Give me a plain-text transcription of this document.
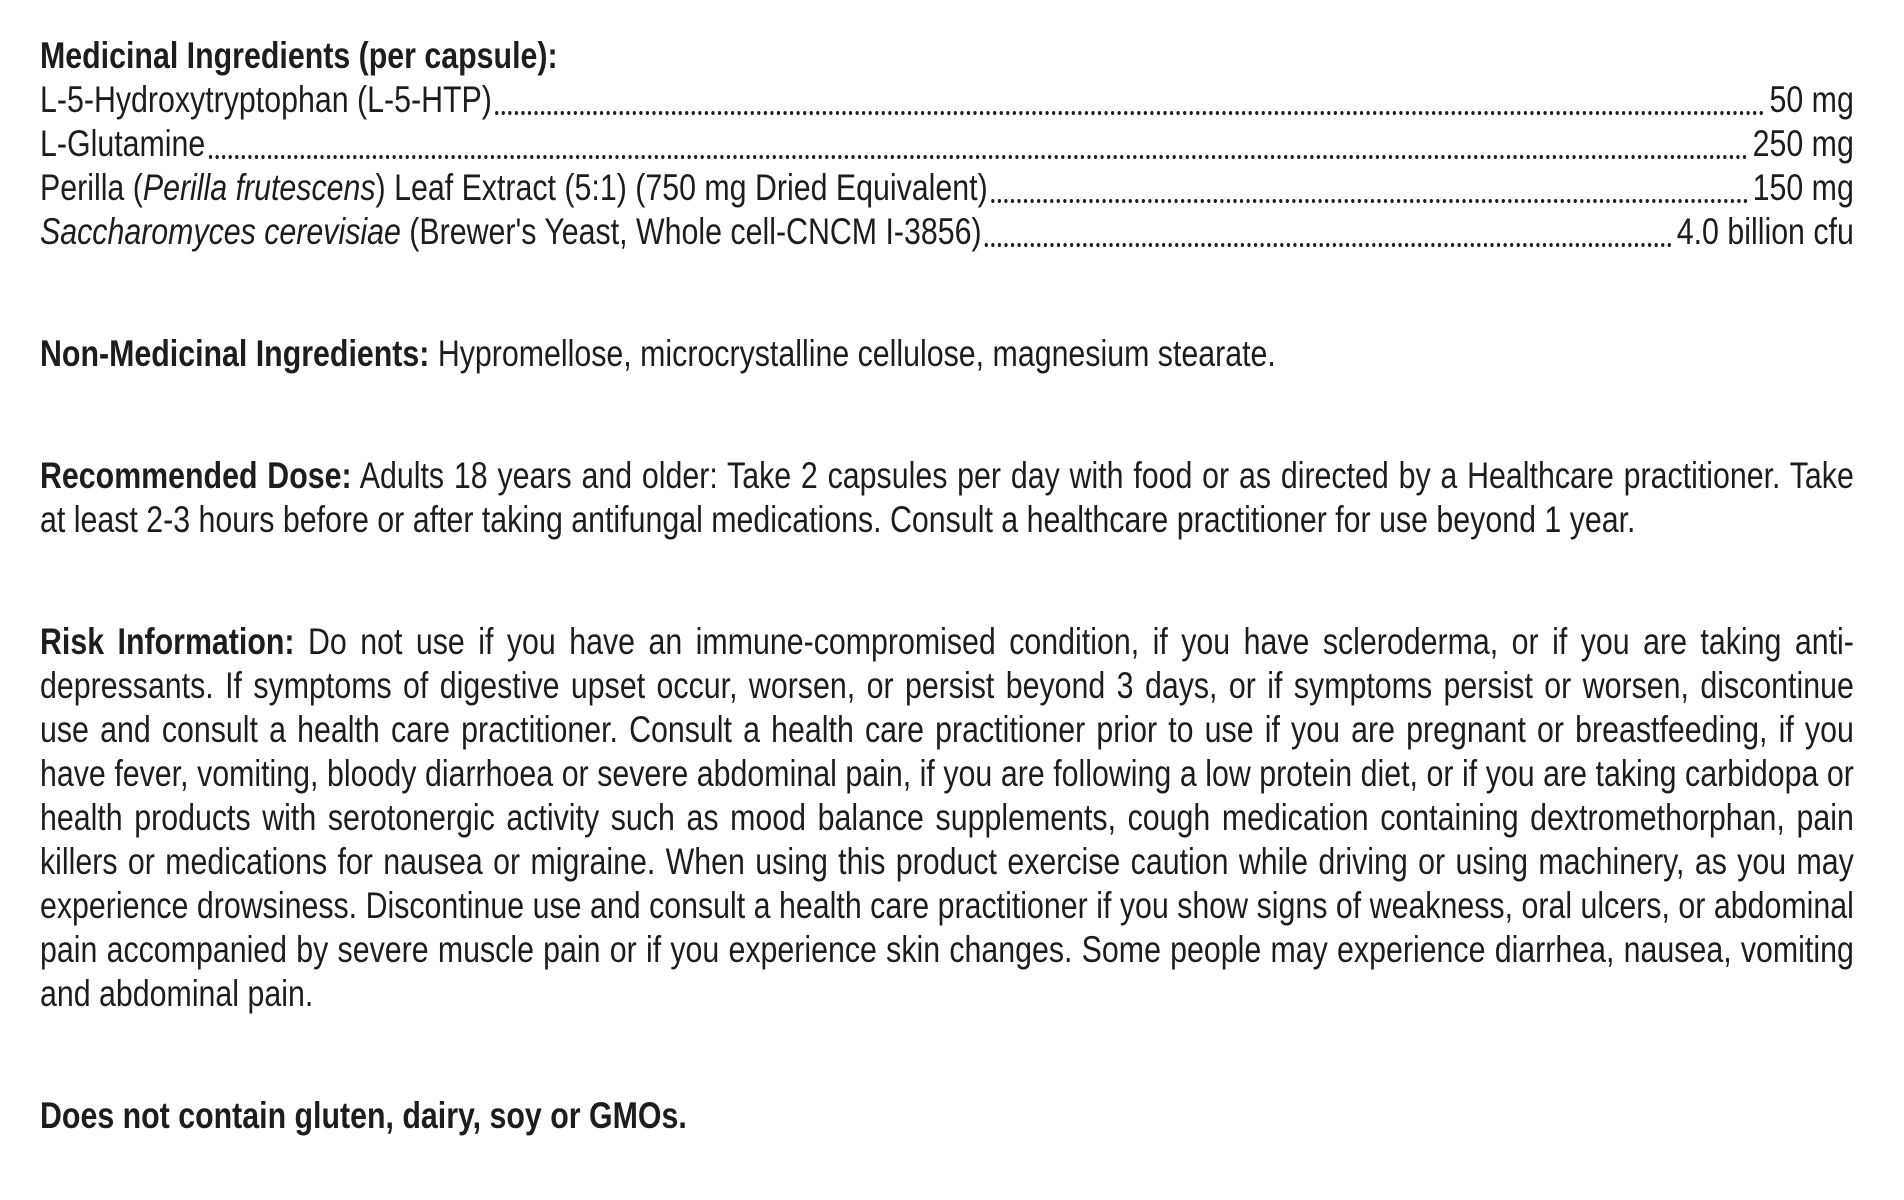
Medicinal Ingredients (per capsule):
L-5-Hydroxytryptophan (L-5-HTP)	50 mg
L-Glutamine	250 mg
Perilla (Perilla frutescens) Leaf Extract (5:1) (750 mg Dried Equivalent)	150 mg
Saccharomyces cerevisiae (Brewer's Yeast, Whole cell-CNCM I-3856)	4.0 billion cfu

Non-Medicinal Ingredients: Hypromellose, microcrystalline cellulose, magnesium stearate.

Recommended Dose: Adults 18 years and older: Take 2 capsules per day with food or as directed by a Healthcare practitioner. Take at least 2-3 hours before or after taking antifungal medications. Consult a healthcare practitioner for use beyond 1 year.

Risk Information: Do not use if you have an immune-compromised condition, if you have scleroderma, or if you are taking anti-depressants. If symptoms of digestive upset occur, worsen, or persist beyond 3 days, or if symptoms persist or worsen, discontinue use and consult a health care practitioner. Consult a health care practitioner prior to use if you are pregnant or breastfeeding, if you have fever, vomiting, bloody diarrhoea or severe abdominal pain, if you are following a low protein diet, or if you are taking carbidopa or health products with serotonergic activity such as mood balance supplements, cough medication containing dextromethorphan, pain killers or medications for nausea or migraine. When using this product exercise caution while driving or using machinery, as you may experience drowsiness. Discontinue use and consult a health care practitioner if you show signs of weakness, oral ulcers, or abdominal pain accompanied by severe muscle pain or if you experience skin changes. Some people may experience diarrhea, nausea, vomiting and abdominal pain.

Does not contain gluten, dairy, soy or GMOs.
